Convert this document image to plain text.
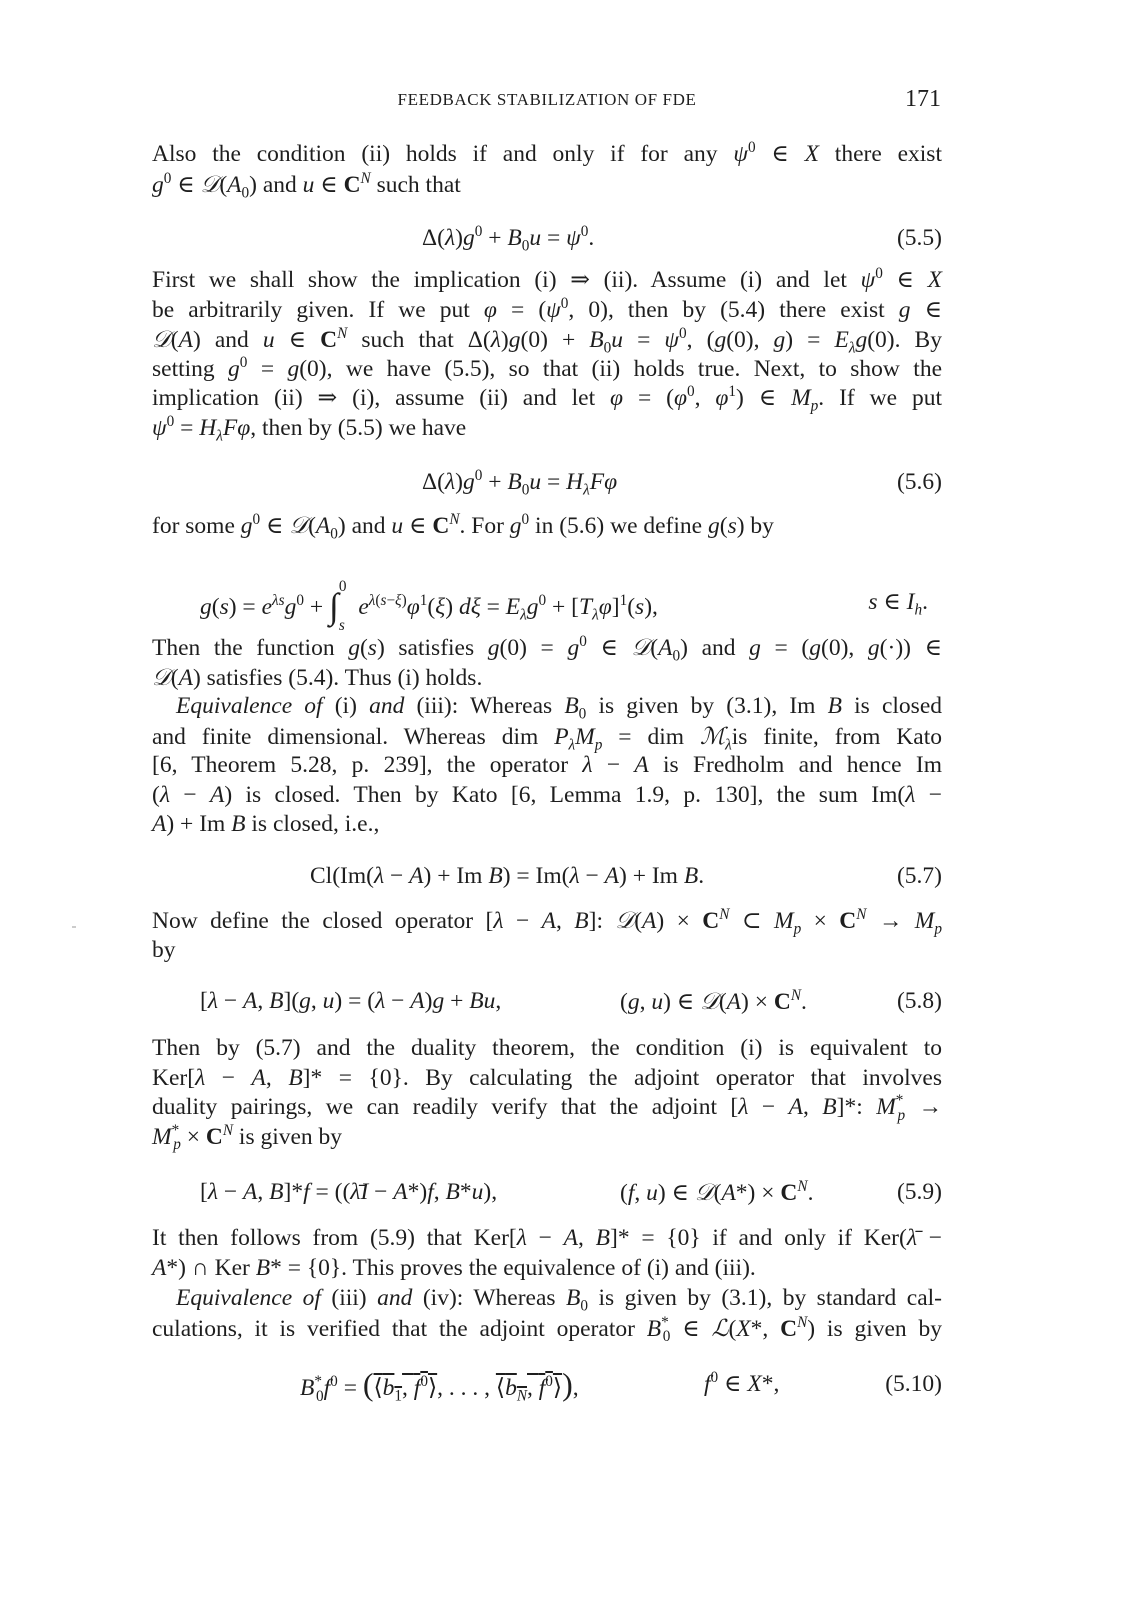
FEEDBACK STABILIZATION OF FDE	171
Also the condition (ii) holds if and only if for any $\psi^0$ ∈ X there exist
$g^0$ ∈ $𝒟(A_0)$ and u ∈ $C^N$ such that
$\Delta(\lambda)g^0 + B_0u = \psi^0$.	(5.5)
First we shall show the implication (i) ⇒ (ii). Assume (i) and let $\psi^0$ ∈ X
be arbitrarily given. If we put $\varphi = (\psi^0$, 0), then by (5.4) there exist g ∈
𝒟(A) and u ∈ $C^N$ such that $\Delta(\lambda)g(0) + B_0u = \psi^0$, (g(0), $g) = E_\lambda g(0)$. By
setting $g^0 = g(0)$, we have (5.5), so that (ii) holds true. Next, to show the
implication (ii) ⇒ (i), assume (ii) and let $\varphi = (\varphi^0$, $\varphi^1$) ∈ $M_p$. If we put
$\psi^0 = H_\lambda F\varphi$, then by (5.5) we have
$\Delta(\lambda)g^0 + B_0u = H_\lambda F\varphi$	(5.6)
for some $g^0$ ∈ $𝒟(A_0)$ and u ∈ $C^N$. For $g^0$ in (5.6) we define g(s) by
$g(s) = e^{\lambda s}g^0 + \int_s^0$ $e^{\lambda(s-\xi)}\varphi^1(\xi) d\xi = E_\lambda g^0 + [T_\lambda\varphi]^1(s)$,	s ∈ $I_h$.
Then the function g(s) satisfies $g(0) = g^0$ ∈ $𝒟(A_0)$ and g = (g(0), g(·)) ∈
𝒟(A) satisfies (5.4). Thus (i) holds.
Equivalence of (i) and (iii): Whereas $B_0$ is given by (3.1), Im B is closed
and finite dimensional. Whereas dim $P_\lambda M_p$ = dim ℳ$_\lambda$is finite, from Kato
[6, Theorem 5.28, p. 239], the operator λ − A is Fredholm and hence Im
(λ − A) is closed. Then by Kato [6, Lemma 1.9, p. 130], the sum Im(λ −
A) + Im B is closed, i.e.,
Cl(Im(λ − A) + Im B) = Im(λ − A) + Im B.	(5.7)
Now define the closed operator [λ − A, B]: 𝒟(A) × $C^N$ ⊂ $M_p \times C^N \to M_p$
by
[λ − A, B](g, u) = (λ − A)g + Bu,	(g, u) ∈ 𝒟(A) × $C^N$.	(5.8)
Then by (5.7) and the duality theorem, the condition (i) is equivalent to
Ker[λ − A, B]* = {0}. By calculating the adjoint operator that involves
duality pairings, we can readily verify that the adjoint [λ − A, B]*: $M^*_p$ →
$M^*_p \times C^N$ is given by
[λ − A, B]*f = ((λ̄I − A*)f, B*u),	(f, u) ∈ 𝒟(A*) × $C^N$.	(5.9)
It then follows from (5.9) that Ker[λ − A, B]* = {0} if and only if Ker(λ̄ −
A*) ∩ Ker B* = {0}. This proves the equivalence of (i) and (iii).
Equivalence of (iii) and (iv): Whereas $B_0$ is given by (3.1), by standard cal-
culations, it is verified that the adjoint operator $B^*_0$ ∈ ℒ(X*, $C^N$) is given by
$B^*_0f^0$ = ($⟨b_1$, $f^0⟩$, . . . , $⟨b_N$, $f^0⟩$),	$f^0$ ∈ X*,	(5.10)
